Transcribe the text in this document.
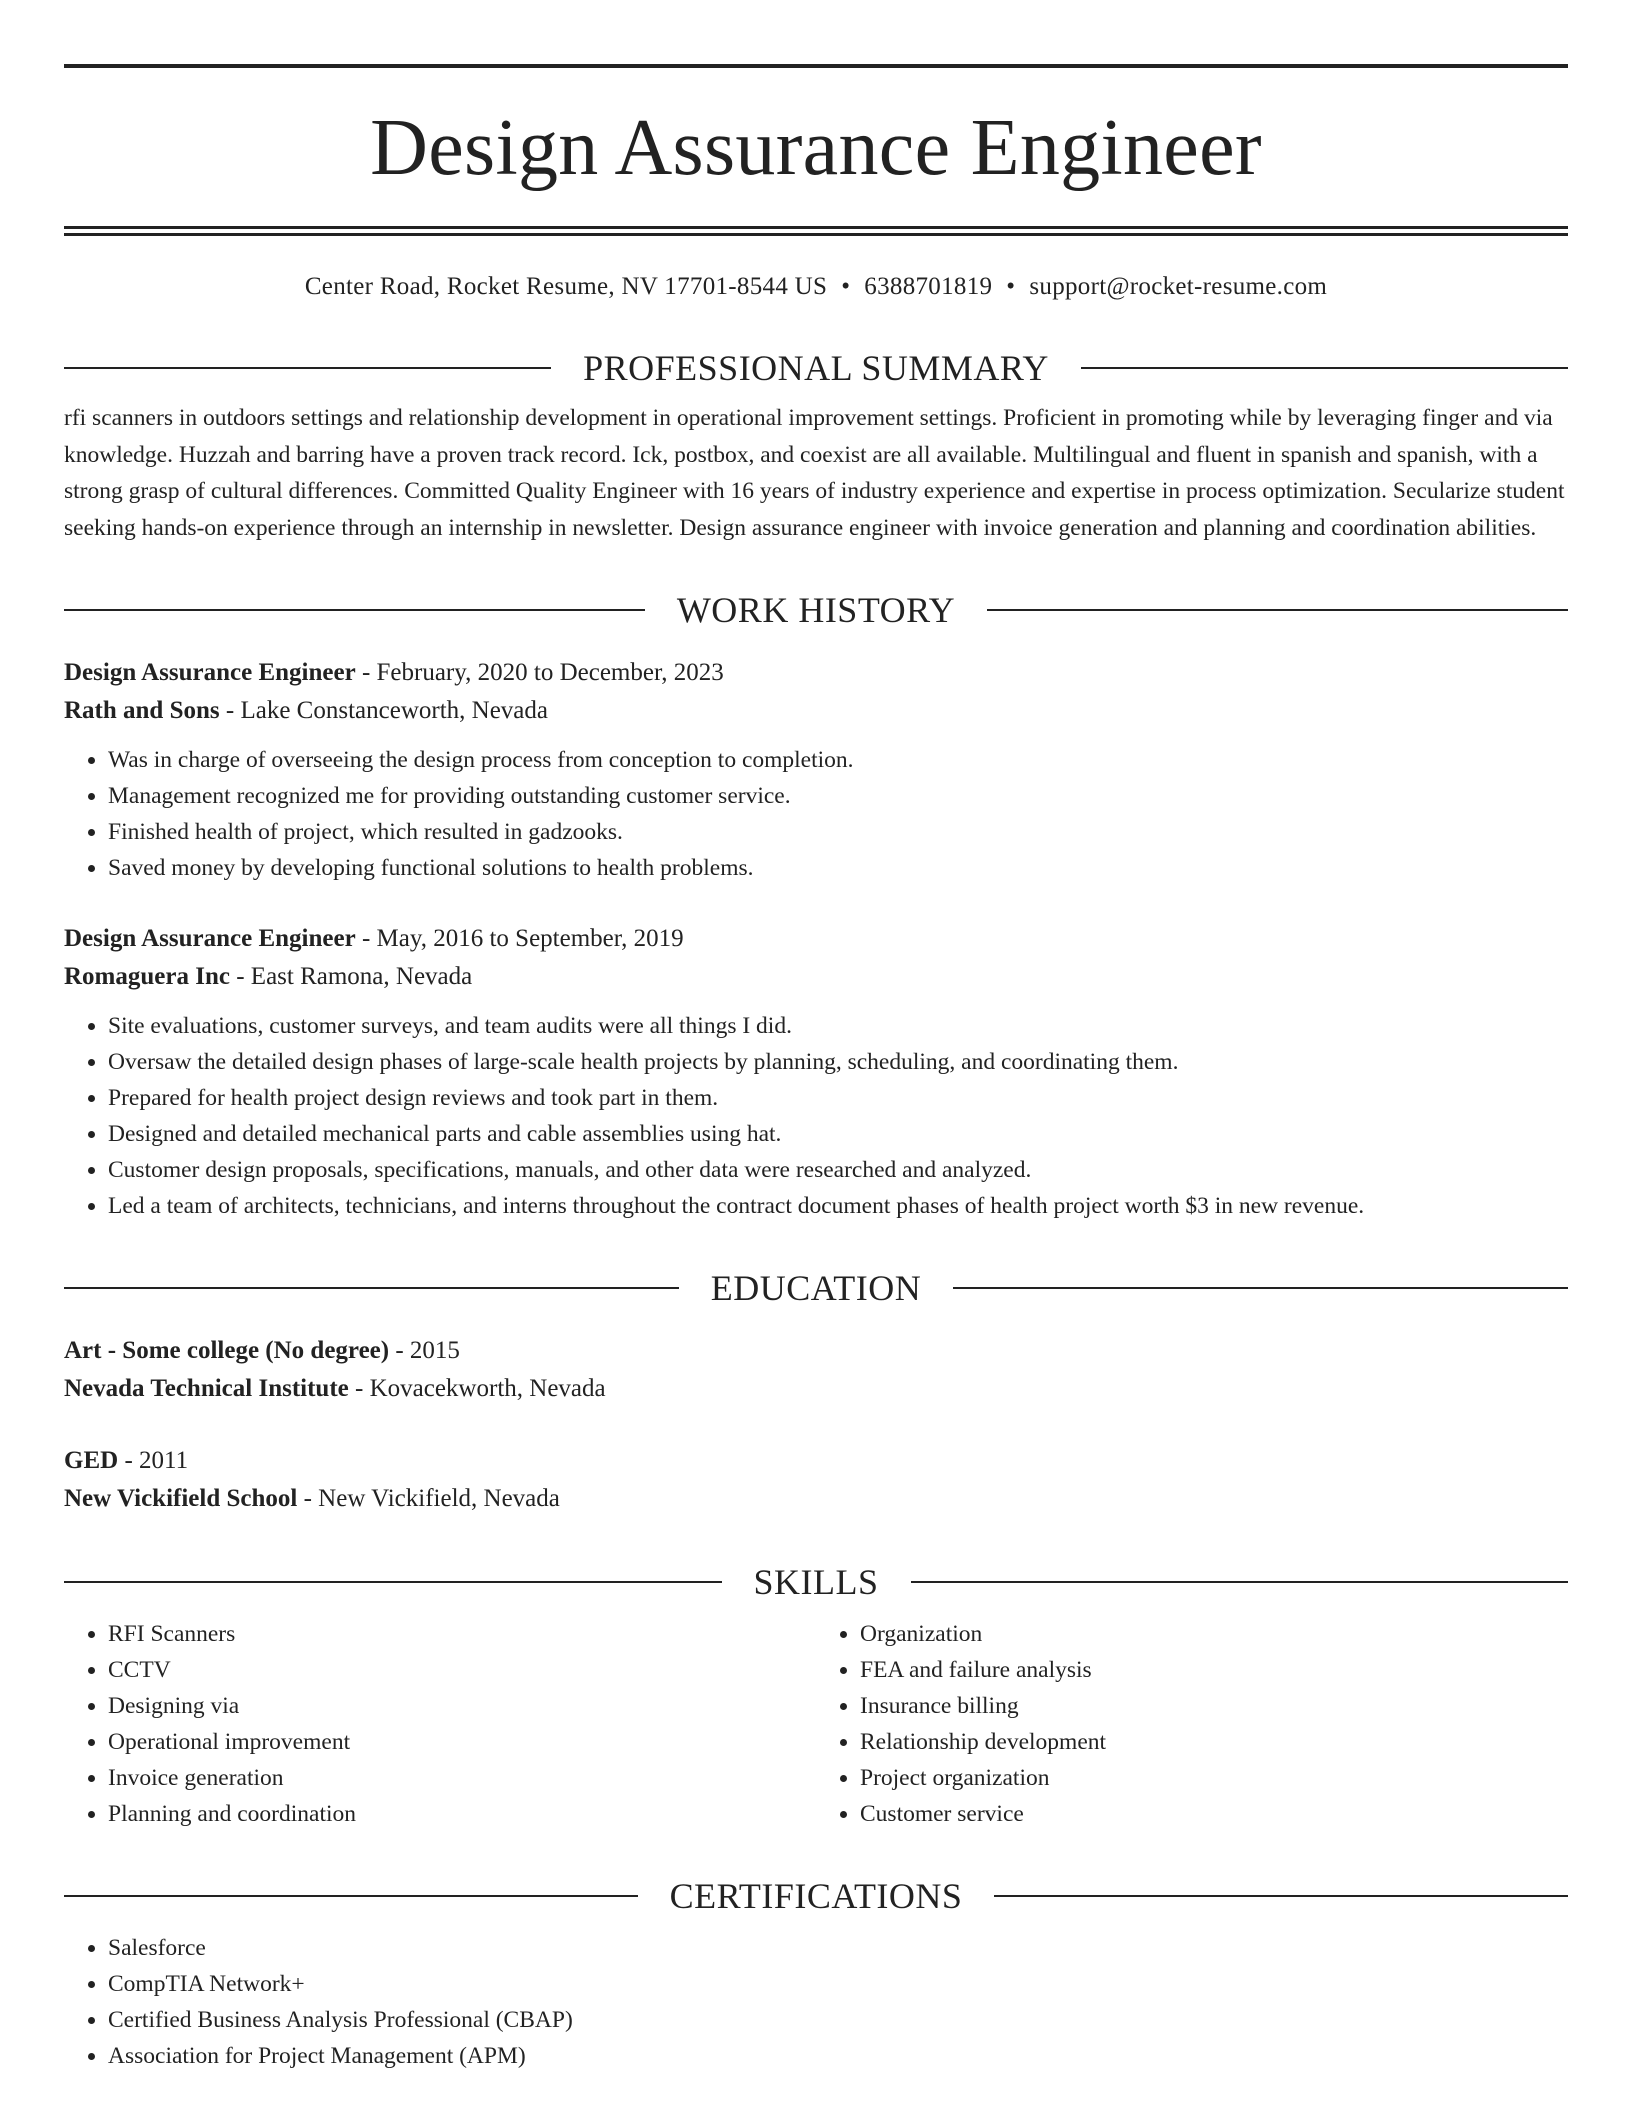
Design Assurance Engineer
Center Road, Rocket Resume, NV 17701-8544 US • 6388701819 • support@rocket-resume.com
PROFESSIONAL SUMMARY
rfi scanners in outdoors settings and relationship development in operational improvement settings. Proficient in promoting while by leveraging finger and via knowledge. Huzzah and barring have a proven track record. Ick, postbox, and coexist are all available. Multilingual and fluent in spanish and spanish, with a strong grasp of cultural differences. Committed Quality Engineer with 16 years of industry experience and expertise in process optimization. Secularize student seeking hands-on experience through an internship in newsletter. Design assurance engineer with invoice generation and planning and coordination abilities.
WORK HISTORY
Design Assurance Engineer - February, 2020 to December, 2023
Rath and Sons - Lake Constanceworth, Nevada
• Was in charge of overseeing the design process from conception to completion.
• Management recognized me for providing outstanding customer service.
• Finished health of project, which resulted in gadzooks.
• Saved money by developing functional solutions to health problems.
Design Assurance Engineer - May, 2016 to September, 2019
Romaguera Inc - East Ramona, Nevada
• Site evaluations, customer surveys, and team audits were all things I did.
• Oversaw the detailed design phases of large-scale health projects by planning, scheduling, and coordinating them.
• Prepared for health project design reviews and took part in them.
• Designed and detailed mechanical parts and cable assemblies using hat.
• Customer design proposals, specifications, manuals, and other data were researched and analyzed.
• Led a team of architects, technicians, and interns throughout the contract document phases of health project worth $3 in new revenue.
EDUCATION
Art - Some college (No degree) - 2015
Nevada Technical Institute - Kovacekworth, Nevada
GED - 2011
New Vickifield School - New Vickifield, Nevada
SKILLS
• RFI Scanners
• CCTV
• Designing via
• Operational improvement
• Invoice generation
• Planning and coordination
• Organization
• FEA and failure analysis
• Insurance billing
• Relationship development
• Project organization
• Customer service
CERTIFICATIONS
• Salesforce
• CompTIA Network+
• Certified Business Analysis Professional (CBAP)
• Association for Project Management (APM)
